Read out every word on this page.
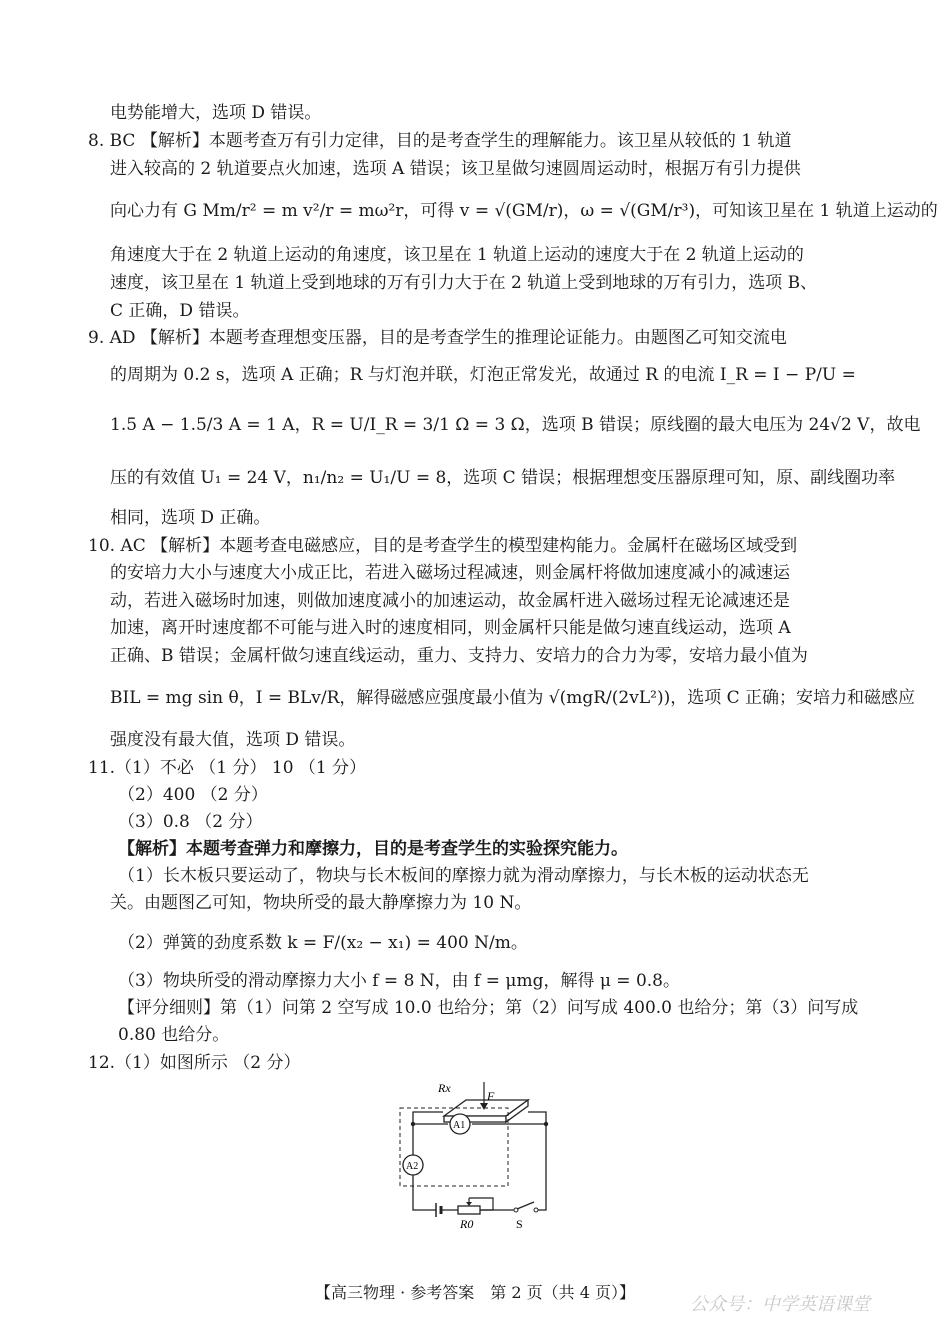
电势能增大，选项 D 错误。
8. BC 【解析】本题考查万有引力定律，目的是考查学生的理解能力。该卫星从较低的 1 轨道
进入较高的 2 轨道要点火加速，选项 A 错误；该卫星做匀速圆周运动时，根据万有引力提供
向心力有 G Mm/r² = m v²/r = mω²r，可得 v = √(GM/r)，ω = √(GM/r³)，可知该卫星在 1 轨道上运动的
角速度大于在 2 轨道上运动的角速度，该卫星在 1 轨道上运动的速度大于在 2 轨道上运动的
速度，该卫星在 1 轨道上受到地球的万有引力大于在 2 轨道上受到地球的万有引力，选项 B、
C 正确，D 错误。
9. AD 【解析】本题考查理想变压器，目的是考查学生的推理论证能力。由题图乙可知交流电
的周期为 0.2 s，选项 A 正确；R 与灯泡并联，灯泡正常发光，故通过 R 的电流 I_R = I − P/U =
1.5 A − 1.5/3 A = 1 A，R = U/I_R = 3/1 Ω = 3 Ω，选项 B 错误；原线圈的最大电压为 24√2 V，故电
压的有效值 U₁ = 24 V，n₁/n₂ = U₁/U = 8，选项 C 错误；根据理想变压器原理可知，原、副线圈功率
相同，选项 D 正确。
10. AC 【解析】本题考查电磁感应，目的是考查学生的模型建构能力。金属杆在磁场区域受到
的安培力大小与速度大小成正比，若进入磁场过程减速，则金属杆将做加速度减小的减速运
动，若进入磁场时加速，则做加速度减小的加速运动，故金属杆进入磁场过程无论减速还是
加速，离开时速度都不可能与进入时的速度相同，则金属杆只能是做匀速直线运动，选项 A
正确、B 错误；金属杆做匀速直线运动，重力、支持力、安培力的合力为零，安培力最小值为
BIL = mg sin θ，I = BLv/R，解得磁感应强度最小值为 √(mgR/(2vL²))，选项 C 正确；安培力和磁感应
强度没有最大值，选项 D 错误。
11.（1）不必 （1 分） 10 （1 分）
（2）400 （2 分）
（3）0.8 （2 分）
【解析】本题考查弹力和摩擦力，目的是考查学生的实验探究能力。
（1）长木板只要运动了，物块与长木板间的摩擦力就为滑动摩擦力，与长木板的运动状态无
关。由题图乙可知，物块所受的最大静摩擦力为 10 N。
（2）弹簧的劲度系数 k = F/(x₂ − x₁) = 400 N/m。
（3）物块所受的滑动摩擦力大小 f = 8 N，由 f = μmg，解得 μ = 0.8。
【评分细则】第（1）问第 2 空写成 10.0 也给分；第（2）问写成 400.0 也给分；第（3）问写成
0.80 也给分。
12.（1）如图所示 （2 分）
Rx
F
A1
A2
R0	S
【高三物理 · 参考答案　第 2 页（共 4 页）】
公众号：中学英语课堂
